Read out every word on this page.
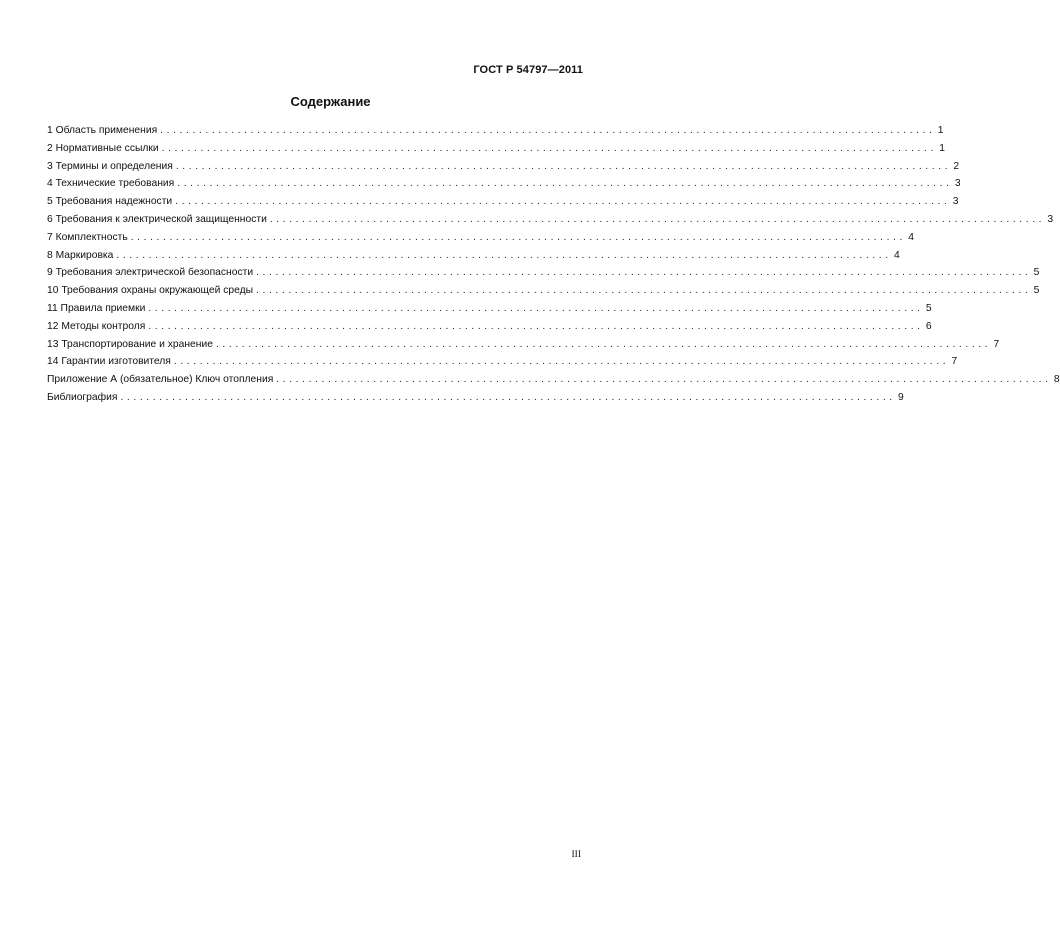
ГОСТ Р 54797—2011
Содержание
1 Область применения ........................................................................................................................ 1
2 Нормативные ссылки ........................................................................................................................ 1
3 Термины и определения ........................................................................................................................ 2
4 Технические требования ........................................................................................................................ 3
5 Требования надежности ........................................................................................................................ 3
6 Требования к электрической защищенности ........................................................................................................................ 3
7 Комплектность ........................................................................................................................ 4
8 Маркировка ........................................................................................................................ 4
9 Требования электрической безопасности ........................................................................................................................ 5
10 Требования охраны окружающей среды ........................................................................................................................ 5
11 Правила приемки ........................................................................................................................ 5
12 Методы контроля ........................................................................................................................ 6
13 Транспортирование и хранение ........................................................................................................................ 7
14 Гарантии изготовителя ........................................................................................................................ 7
Приложение А (обязательное) Ключ отопления ........................................................................................................................ 8
Библиография ........................................................................................................................ 9
III
